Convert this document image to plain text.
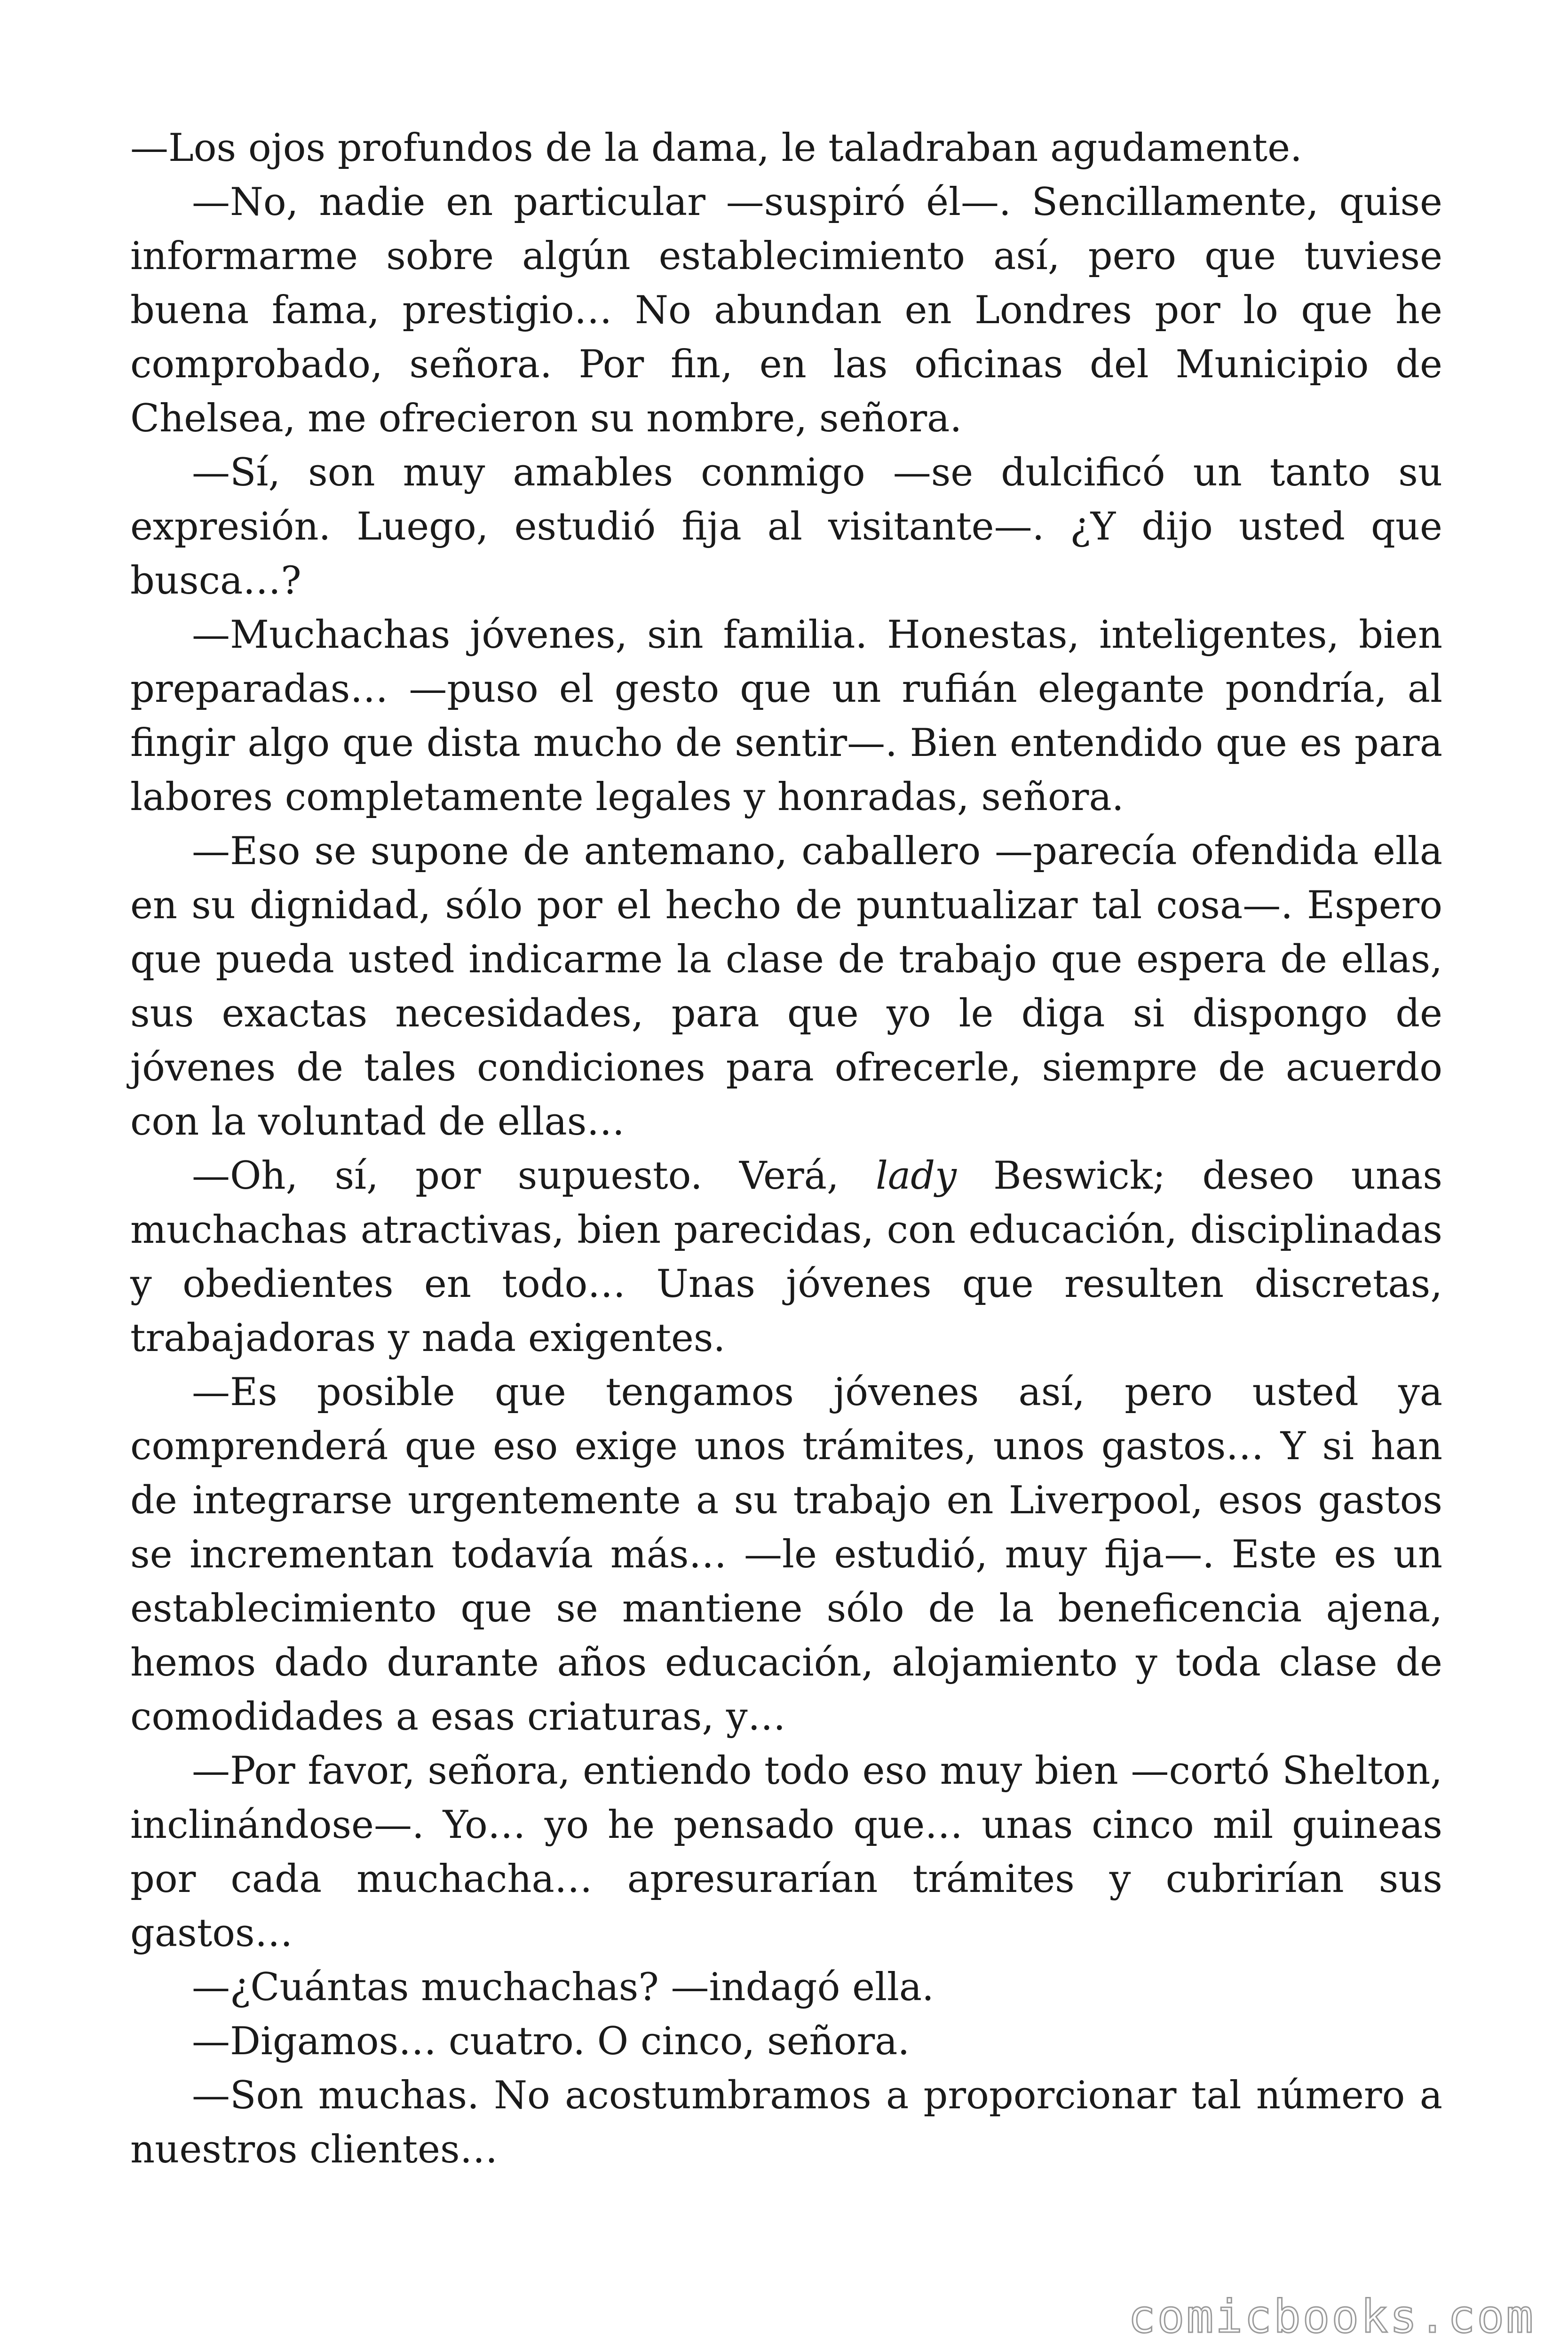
—Los ojos profundos de la dama, le taladraban agudamente.

—No, nadie en particular —suspiró él—. Sencillamente, quise informarme sobre algún establecimiento así, pero que tuviese buena fama, prestigio… No abundan en Londres por lo que he comprobado, señora. Por fin, en las oficinas del Municipio de Chelsea, me ofrecieron su nombre, señora.

—Sí, son muy amables conmigo —se dulcificó un tanto su expresión. Luego, estudió fija al visitante—. ¿Y dijo usted que busca…?

—Muchachas jóvenes, sin familia. Honestas, inteligentes, bien preparadas… —puso el gesto que un rufián elegante pondría, al fingir algo que dista mucho de sentir—. Bien entendido que es para labores completamente legales y honradas, señora.

—Eso se supone de antemano, caballero —parecía ofendida ella en su dignidad, sólo por el hecho de puntualizar tal cosa—. Espero que pueda usted indicarme la clase de trabajo que espera de ellas, sus exactas necesidades, para que yo le diga si dispongo de jóvenes de tales condiciones para ofrecerle, siempre de acuerdo con la voluntad de ellas…

—Oh, sí, por supuesto. Verá, lady Beswick; deseo unas muchachas atractivas, bien parecidas, con educación, disciplinadas y obedientes en todo… Unas jóvenes que resulten discretas, trabajadoras y nada exigentes.

—Es posible que tengamos jóvenes así, pero usted ya comprenderá que eso exige unos trámites, unos gastos… Y si han de integrarse urgentemente a su trabajo en Liverpool, esos gastos se incrementan todavía más… —le estudió, muy fija—. Este es un establecimiento que se mantiene sólo de la beneficencia ajena, hemos dado durante años educación, alojamiento y toda clase de comodidades a esas criaturas, y…

—Por favor, señora, entiendo todo eso muy bien —cortó Shelton, inclinándose—. Yo… yo he pensado que… unas cinco mil guineas por cada muchacha… apresurarían trámites y cubrirían sus gastos…

—¿Cuántas muchachas? —indagó ella.

—Digamos… cuatro. O cinco, señora.

—Son muchas. No acostumbramos a proporcionar tal número a nuestros clientes…

comicbooks.com
